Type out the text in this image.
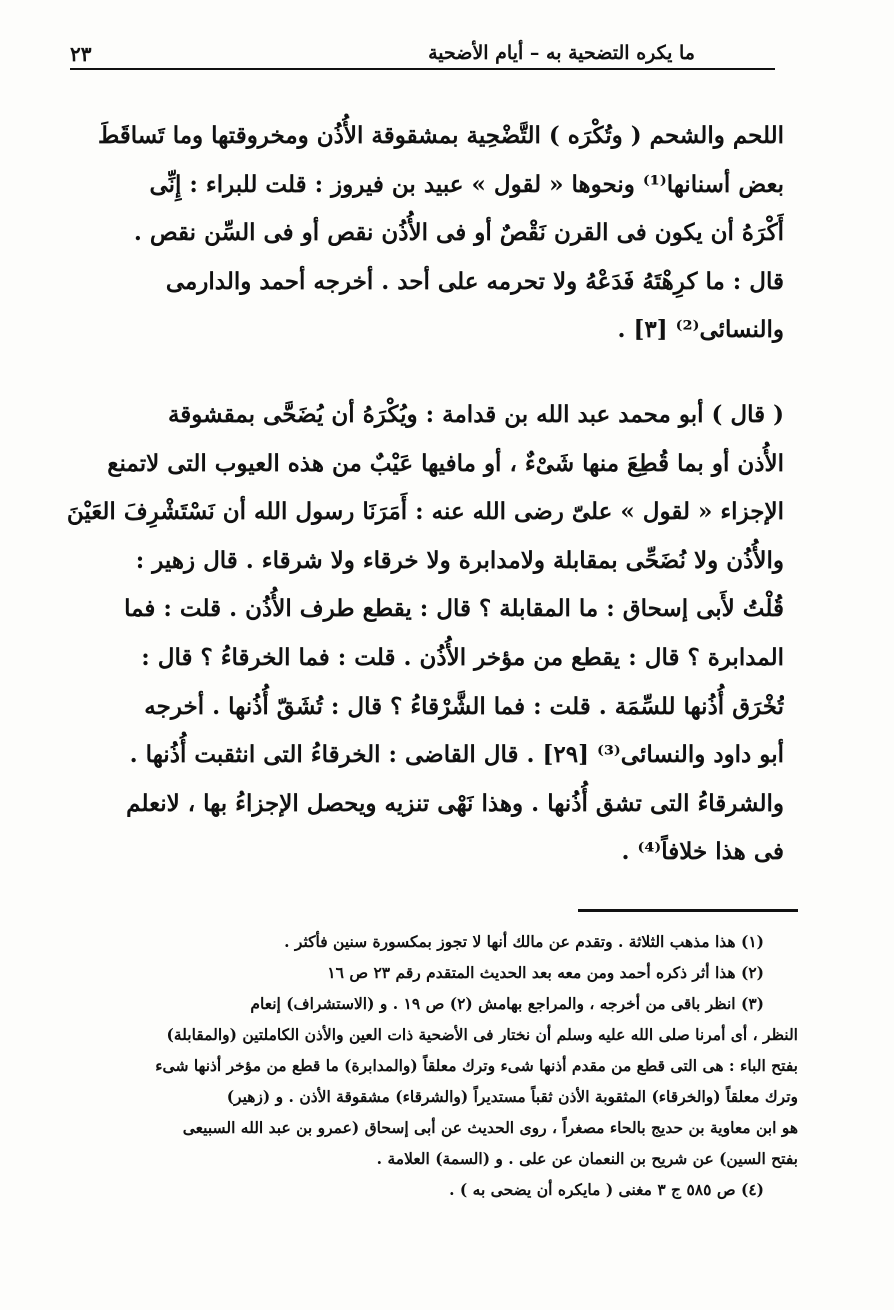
ما يكره التضحية به – أيام الأضحية
٢٣

اللحم والشحم ( وتُكْرَه ) التَّضْحِية بمشقوقة الأُذُن ومخروقتها وما تَساقَطَ
بعض أسنانها⁽¹⁾ ونحوها « لقول » عبيد بن فيروز : قلت للبراء : إِنِّى
أَكْرَهُ أن يكون فى القرن نَقْصٌ أو فى الأُذُن نقص أو فى السِّن نقص .
قال : ما كرِهْتَهُ فَدَعْهُ ولا تحرمه على أحد . أخرجه أحمد والدارمى
والنسائى⁽²⁾ [٣] .

( قال ) أبو محمد عبد الله بن قدامة : ويُكْرَهُ أن يُضَحَّى بمقشوقة
الأُذن أو بما قُطِعَ منها شَىْءٌ ، أو مافيها عَيْبٌ من هذه العيوب التى لاتمنع
الإجزاء « لقول » علىّ رضى الله عنه : أَمَرَنَا رسول الله أن نَسْتَشْرِفَ العَيْنَ
والأُذُن ولا نُضَحِّى بمقابلة ولامدابرة ولا خرقاء ولا شرقاء . قال زهير :
قُلْتُ لأَبى إسحاق : ما المقابلة ؟ قال : يقطع طرف الأُذُن . قلت : فما
المدابرة ؟ قال : يقطع من مؤخر الأُذُن . قلت : فما الخرقاءُ ؟ قال :
تُخْرَق أُذُنها للسِّمَة . قلت : فما الشَّرْقاءُ ؟ قال : تُشَقّ أُذُنها . أخرجه
أبو داود والنسائى⁽³⁾ [٢٩] . قال القاضى : الخرقاءُ التى انثقبت أُذُنها .
والشرقاءُ التى تشق أُذُنها . وهذا نَهْى تنزيه ويحصل الإجزاءُ بها ، لانعلم
فى هذا خلافاً⁽⁴⁾ .

(١) هذا مذهب الثلاثة . وتقدم عن مالك أنها لا تجوز بمكسورة سنين فأكثر .
(٢) هذا أثر ذكره أحمد ومن معه بعد الحديث المتقدم رقم ٢٣ ص ١٦
(٣) انظر باقى من أخرجه ، والمراجع بهامش (٢) ص ١٩ . و (الاستشراف) إنعام
النظر ، أى أمرنا صلى الله عليه وسلم أن نختار فى الأضحية ذات العين والأذن الكاملتين (والمقابلة)
بفتح الباء : هى التى قطع من مقدم أذنها شىء وترك معلقاً (والمدابرة) ما قطع من مؤخر أذنها شىء
وترك معلقاً (والخرقاء) المثقوبة الأذن ثقباً مستديراً (والشرقاء) مشقوقة الأذن . و (زهير)
هو ابن معاوية بن حديج بالحاء مصغراً ، روى الحديث عن أبى إسحاق (عمرو بن عبد الله السبيعى
بفتح السين) عن شريح بن النعمان عن على . و (السمة) العلامة .
(٤) ص ٥٨٥ ج ٣ مغنى ( مايكره أن يضحى به ) .
